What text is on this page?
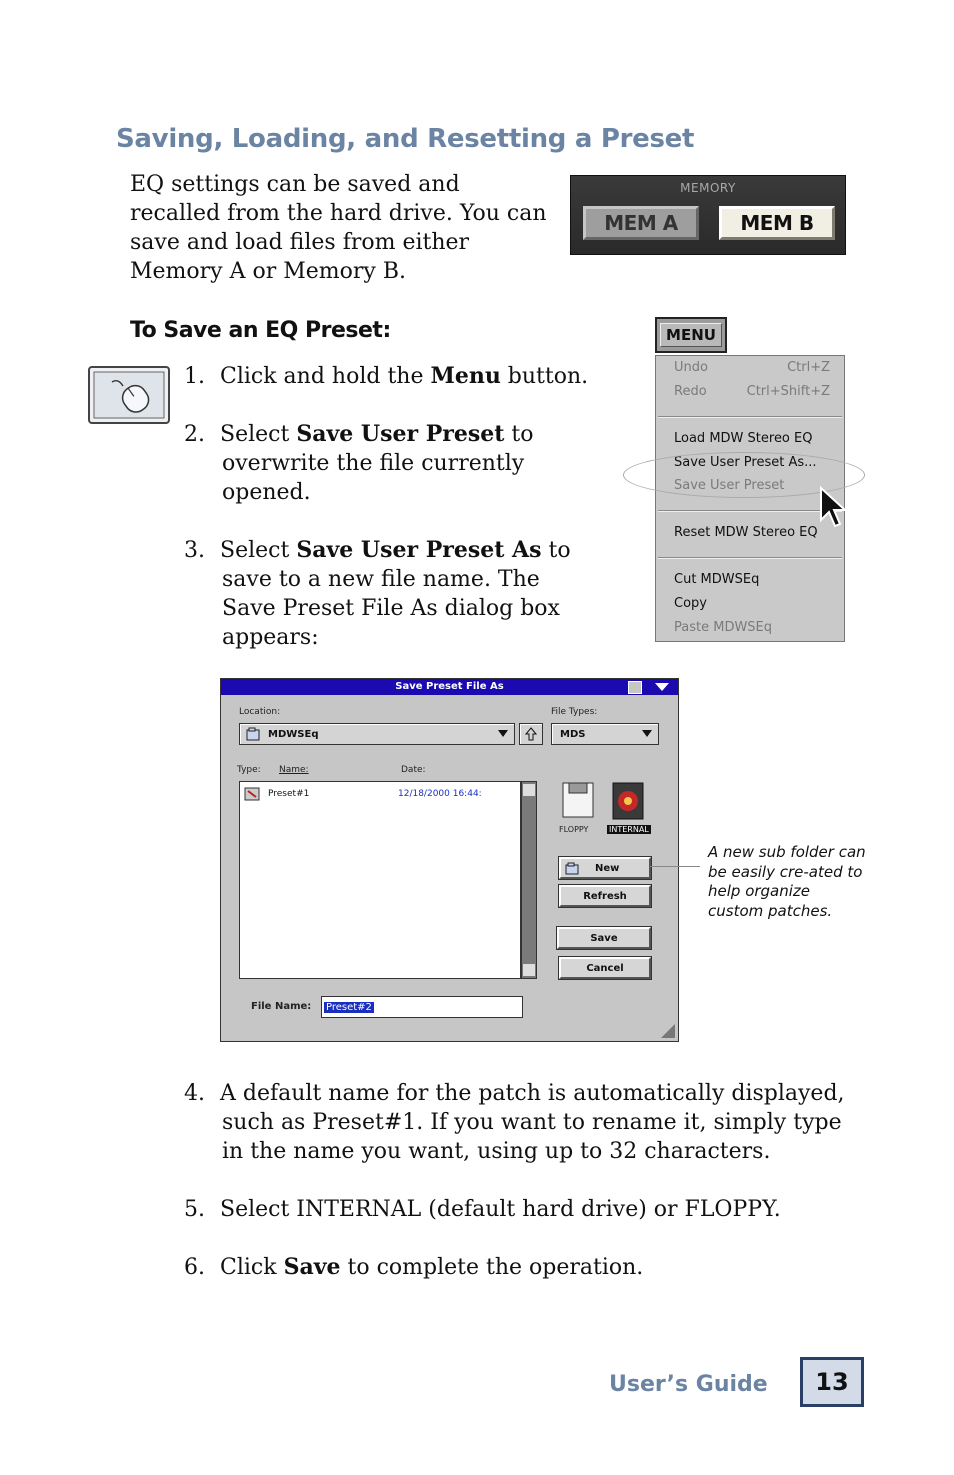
Saving, Loading, and Resetting a Preset
EQ settings can be saved and recalled from the hard drive. You can save and load files from either Memory A or Memory B.
MEMORY
MEM A	MEM B
To Save an EQ Preset:
1. Click and hold the Menu button.
2. Select Save User Preset to
overwrite the file currently
opened.
3. Select Save User Preset As to
save to a new file name. The
Save Preset File As dialog box
appears:
MENU
Undo	Ctrl+Z
Redo	Ctrl+Shift+Z
Load MDW Stereo EQ
Save User Preset As...
Save User Preset
Reset MDW Stereo EQ
Cut MDWSEq
Copy
Paste MDWSEq
Save Preset File As
Location:
MDWSEq
File Types:
MDS
Type: Name:	Date:
Preset#1	12/18/2000 16:44:
FLOPPY	INTERNAL
New
Refresh
Save
Cancel
File Name: Preset#2
A new sub folder can be easily cre-ated to help organize custom patches.
4. A default name for the patch is automatically displayed,
such as Preset#1. If you want to rename it, simply type
in the name you want, using up to 32 characters.
5. Select INTERNAL (default hard drive) or FLOPPY.
6. Click Save to complete the operation.
User’s Guide	13
